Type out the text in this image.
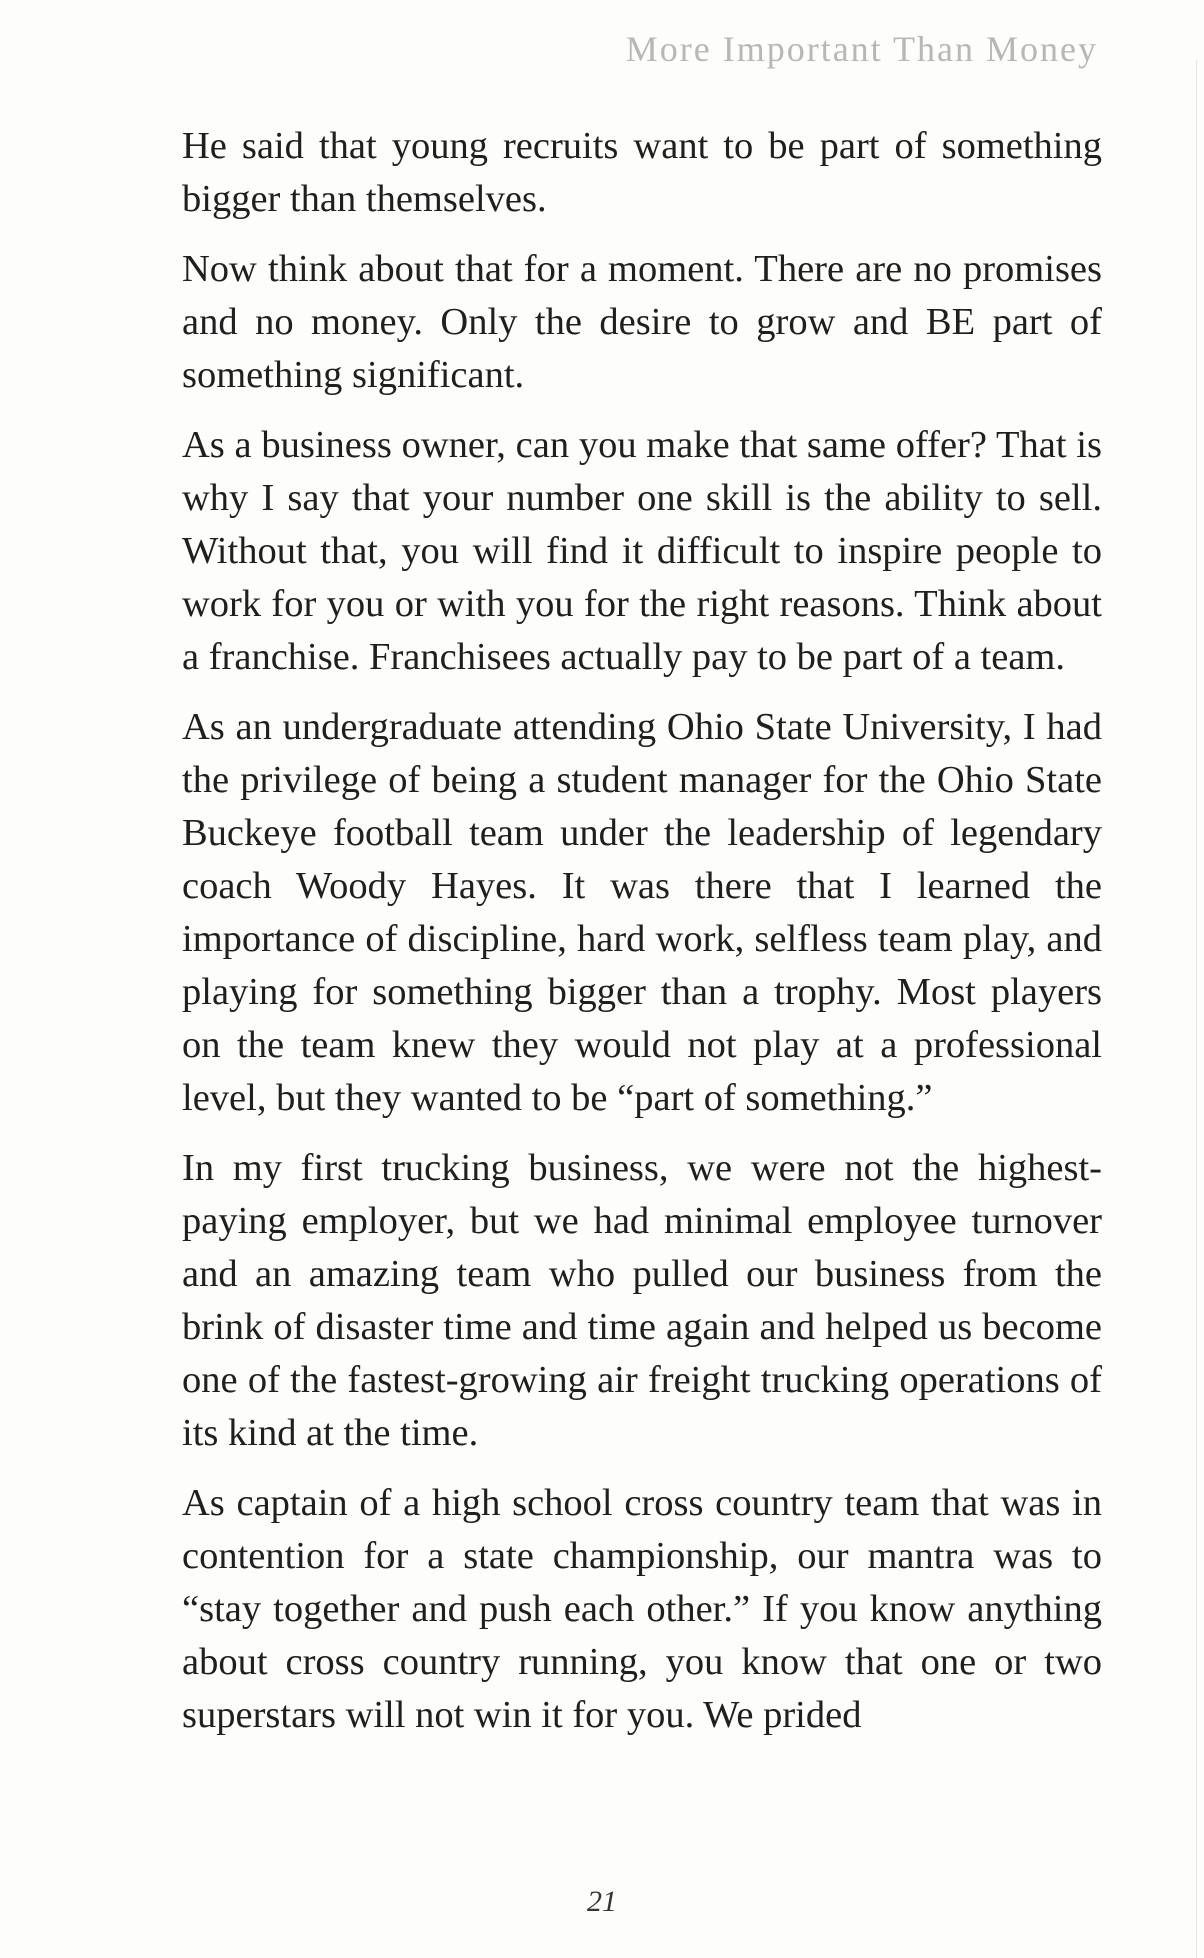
More Important Than Money

He said that young recruits want to be part of something bigger than themselves.

Now think about that for a moment. There are no promises and no money. Only the desire to grow and BE part of something significant.

As a business owner, can you make that same offer? That is why I say that your number one skill is the ability to sell. Without that, you will find it difficult to inspire people to work for you or with you for the right reasons. Think about a franchise. Franchisees actually pay to be part of a team.

As an undergraduate attending Ohio State University, I had the privilege of being a student manager for the Ohio State Buckeye football team under the leadership of legendary coach Woody Hayes. It was there that I learned the importance of discipline, hard work, selfless team play, and playing for something bigger than a trophy. Most players on the team knew they would not play at a professional level, but they wanted to be “part of something.”

In my first trucking business, we were not the highest-paying employer, but we had minimal employee turnover and an amazing team who pulled our business from the brink of disaster time and time again and helped us become one of the fastest-growing air freight trucking operations of its kind at the time.

As captain of a high school cross country team that was in contention for a state championship, our mantra was to “stay together and push each other.” If you know anything about cross country running, you know that one or two superstars will not win it for you. We prided

21
